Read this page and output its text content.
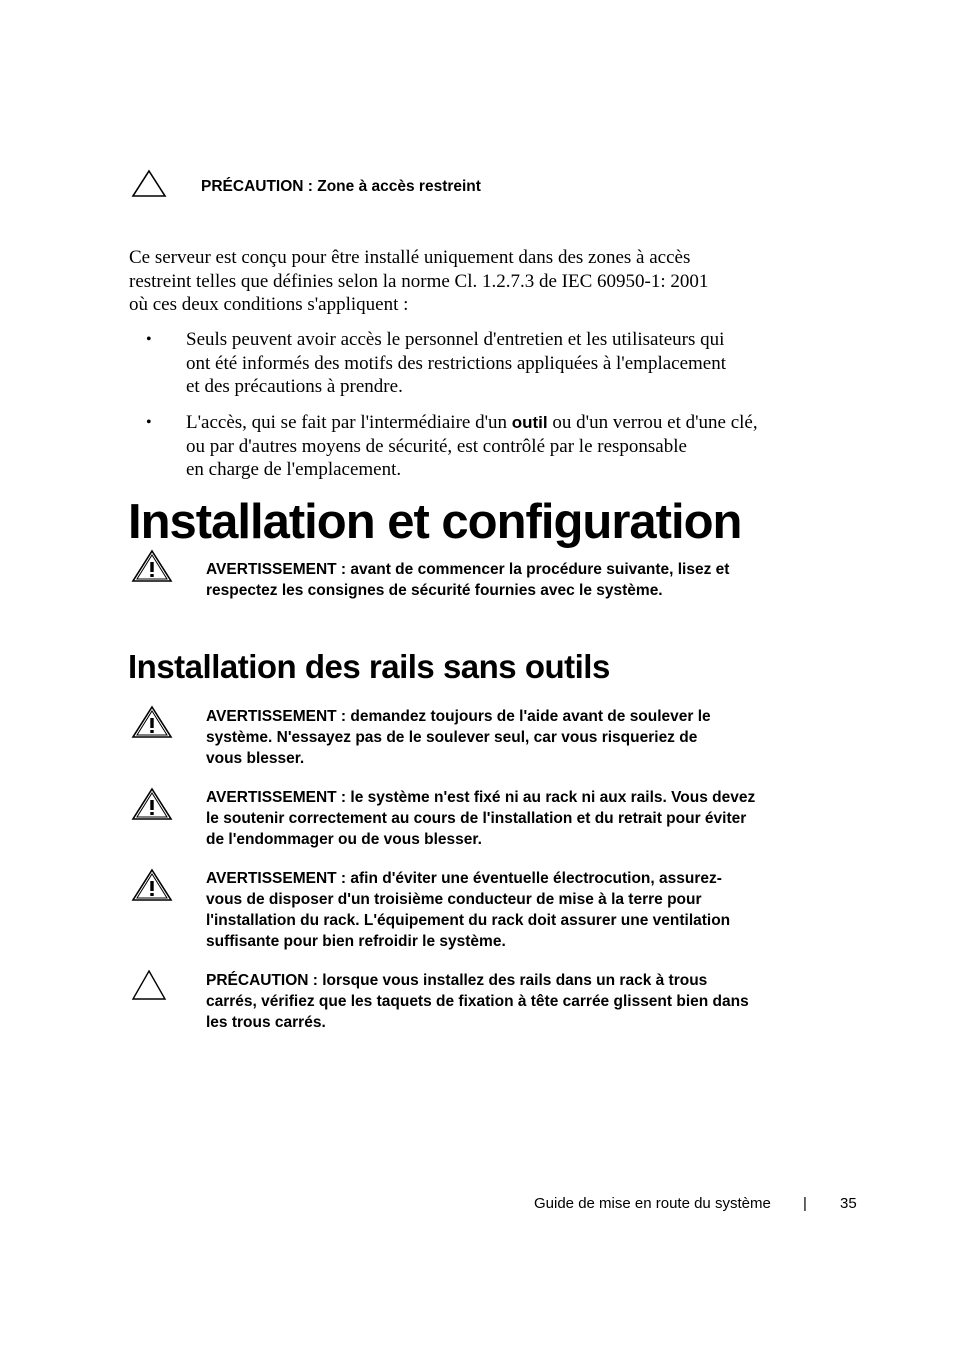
PRÉCAUTION : Zone à accès restreint
Ce serveur est conçu pour être installé uniquement dans des zones à accès
restreint telles que définies selon la norme Cl. 1.2.7.3 de IEC 60950-1: 2001
où ces deux conditions s'appliquent :
• Seuls peuvent avoir accès le personnel d'entretien et les utilisateurs qui
ont été informés des motifs des restrictions appliquées à l'emplacement
et des précautions à prendre.
• L'accès, qui se fait par l'intermédiaire d'un outil ou d'un verrou et d'une clé,
ou par d'autres moyens de sécurité, est contrôlé par le responsable
en charge de l'emplacement.
Installation et configuration
AVERTISSEMENT : avant de commencer la procédure suivante, lisez et
respectez les consignes de sécurité fournies avec le système.
Installation des rails sans outils
AVERTISSEMENT : demandez toujours de l'aide avant de soulever le
système. N'essayez pas de le soulever seul, car vous risqueriez de
vous blesser.
AVERTISSEMENT : le système n'est fixé ni au rack ni aux rails. Vous devez
le soutenir correctement au cours de l'installation et du retrait pour éviter
de l'endommager ou de vous blesser.
AVERTISSEMENT : afin d'éviter une éventuelle électrocution, assurez-
vous de disposer d'un troisième conducteur de mise à la terre pour
l'installation du rack. L'équipement du rack doit assurer une ventilation
suffisante pour bien refroidir le système.
PRÉCAUTION : lorsque vous installez des rails dans un rack à trous
carrés, vérifiez que les taquets de fixation à tête carrée glissent bien dans
les trous carrés.
Guide de mise en route du système | 35
